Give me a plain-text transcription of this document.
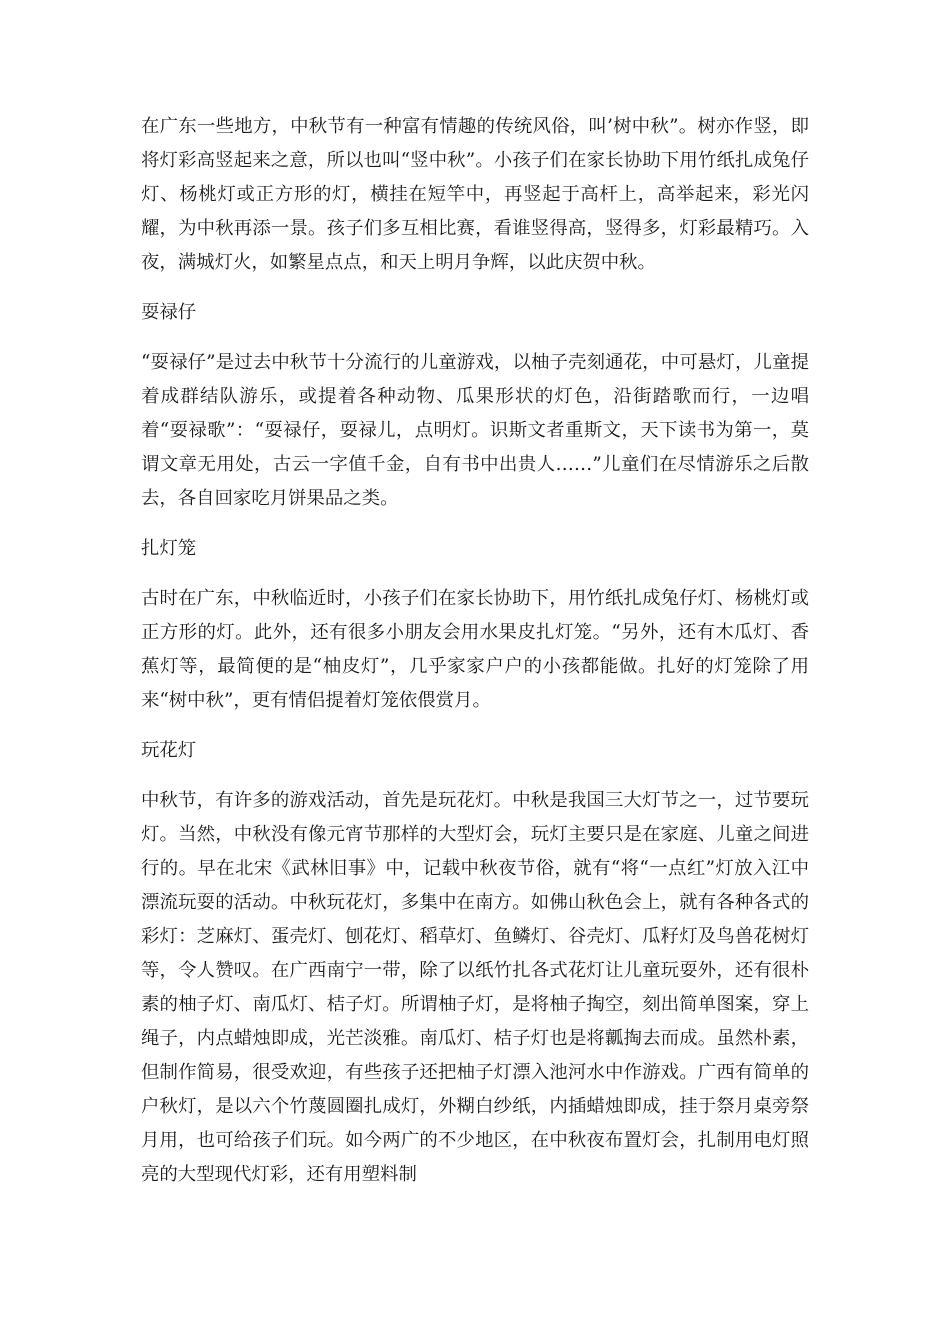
在广东一些地方，中秋节有一种富有情趣的传统风俗，叫’树中秋”。树亦作竖，即将灯彩高竖起来之意，所以也叫“竖中秋”。小孩子们在家长协助下用竹纸扎成兔仔灯、杨桃灯或正方形的灯，横挂在短竿中，再竖起于高杆上，高举起来，彩光闪耀，为中秋再添一景。孩子们多互相比赛，看谁竖得高，竖得多，灯彩最精巧。入夜，满城灯火，如繁星点点，和天上明月争辉，以此庆贺中秋。

耍禄仔

“耍禄仔”是过去中秋节十分流行的儿童游戏，以柚子壳刻通花，中可悬灯，儿童提着成群结队游乐，或提着各种动物、瓜果形状的灯色，沿街踏歌而行，一边唱着“耍禄歌”：“耍禄仔，耍禄儿，点明灯。识斯文者重斯文，天下读书为第一，莫谓文章无用处，古云一字值千金，自有书中出贵人……”儿童们在尽情游乐之后散去，各自回家吃月饼果品之类。

扎灯笼

古时在广东，中秋临近时，小孩子们在家长协助下，用竹纸扎成兔仔灯、杨桃灯或正方形的灯。此外，还有很多小朋友会用水果皮扎灯笼。“另外，还有木瓜灯、香蕉灯等，最简便的是“柚皮灯”，几乎家家户户的小孩都能做。扎好的灯笼除了用来“树中秋”，更有情侣提着灯笼依偎赏月。

玩花灯

中秋节，有许多的游戏活动，首先是玩花灯。中秋是我国三大灯节之一，过节要玩灯。当然，中秋没有像元宵节那样的大型灯会，玩灯主要只是在家庭、儿童之间进行的。早在北宋《武林旧事》中，记载中秋夜节俗，就有“将“一点红”灯放入江中漂流玩耍的活动。中秋玩花灯，多集中在南方。如佛山秋色会上，就有各种各式的彩灯：芝麻灯、蛋壳灯、刨花灯、稻草灯、鱼鳞灯、谷壳灯、瓜籽灯及鸟兽花树灯等，令人赞叹。在广西南宁一带，除了以纸竹扎各式花灯让儿童玩耍外，还有很朴素的柚子灯、南瓜灯、桔子灯。所谓柚子灯，是将柚子掏空，刻出简单图案，穿上绳子，内点蜡烛即成，光芒淡雅。南瓜灯、桔子灯也是将瓤掏去而成。虽然朴素，但制作简易，很受欢迎，有些孩子还把柚子灯漂入池河水中作游戏。广西有简单的户秋灯，是以六个竹蔑圆圈扎成灯，外糊白纱纸，内插蜡烛即成，挂于祭月桌旁祭月用，也可给孩子们玩。如今两广的不少地区，在中秋夜布置灯会，扎制用电灯照亮的大型现代灯彩，还有用塑料制
